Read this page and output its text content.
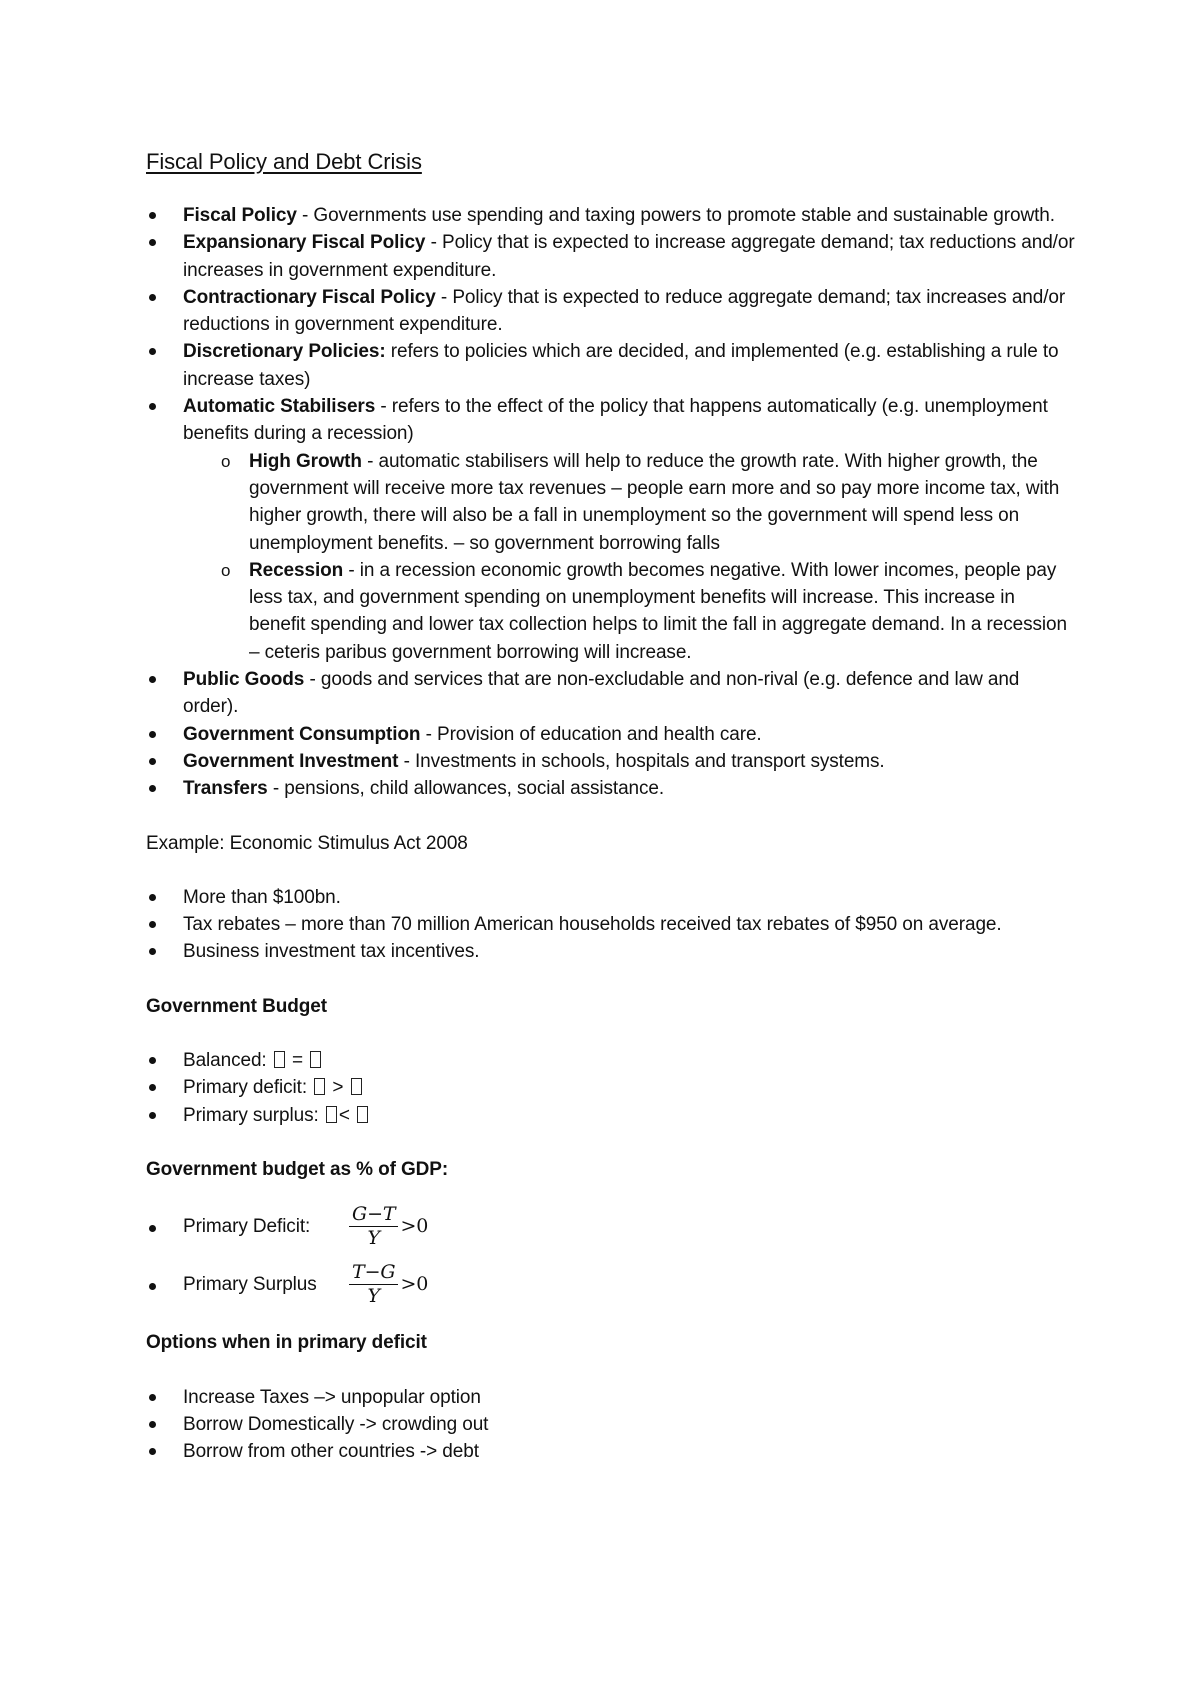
Fiscal Policy and Debt Crisis
Fiscal Policy - Governments use spending and taxing powers to promote stable and sustainable growth.
Expansionary Fiscal Policy - Policy that is expected to increase aggregate demand; tax reductions and/or increases in government expenditure.
Contractionary Fiscal Policy - Policy that is expected to reduce aggregate demand; tax increases and/or reductions in government expenditure.
Discretionary Policies: refers to policies which are decided, and implemented (e.g. establishing a rule to increase taxes)
Automatic Stabilisers - refers to the effect of the policy that happens automatically (e.g. unemployment benefits during a recession)
o High Growth - automatic stabilisers will help to reduce the growth rate. With higher growth, the government will receive more tax revenues – people earn more and so pay more income tax, with higher growth, there will also be a fall in unemployment so the government will spend less on unemployment benefits. – so government borrowing falls
o Recession - in a recession economic growth becomes negative. With lower incomes, people pay less tax, and government spending on unemployment benefits will increase. This increase in benefit spending and lower tax collection helps to limit the fall in aggregate demand. In a recession – ceteris paribus government borrowing will increase.
Public Goods - goods and services that are non-excludable and non-rival (e.g. defence and law and order).
Government Consumption - Provision of education and health care.
Government Investment - Investments in schools, hospitals and transport systems.
Transfers - pensions, child allowances, social assistance.

Example: Economic Stimulus Act 2008

More than $100bn.
Tax rebates – more than 70 million American households received tax rebates of $950 on average.
Business investment tax incentives.

Government Budget

Balanced:  =
Primary deficit:  >
Primary surplus: <

Government budget as % of GDP:

Primary Deficit:	$\frac{G-T}{Y} >0$
Primary Surplus	$\frac{T-G}{Y} >0$

Options when in primary deficit

Increase Taxes –> unpopular option
Borrow Domestically -> crowding out
Borrow from other countries -> debt
